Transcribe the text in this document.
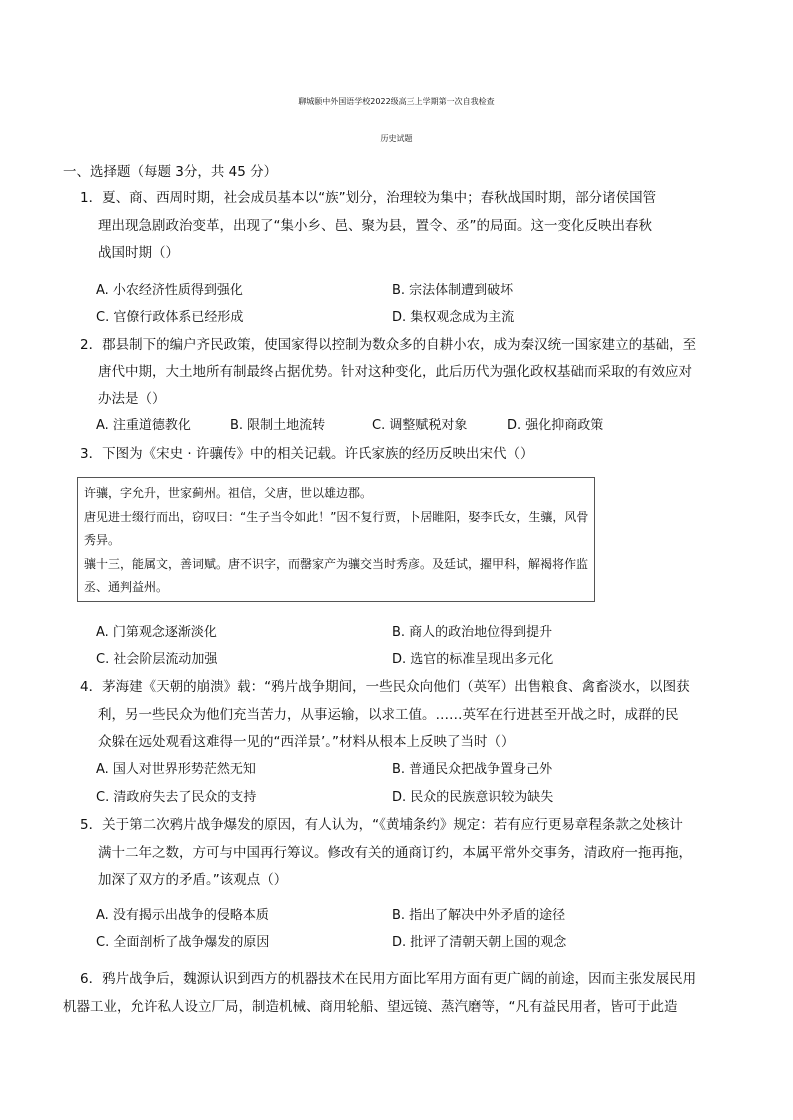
聊城颐中外国语学校2022级高三上学期第一次自我检查
历史试题
一、选择题（每题 3分，共 45 分）
1．夏、商、西周时期，社会成员基本以“族”划分，治理较为集中；春秋战国时期，部分诸侯国管
理出现急剧政治变革，出现了“集小乡、邑、聚为县，置令、丞”的局面。这一变化反映出春秋
战国时期（）
A. 小农经济性质得到强化	B. 宗法体制遭到破坏
C. 官僚行政体系已经形成	D. 集权观念成为主流
2．郡县制下的编户齐民政策，使国家得以控制为数众多的自耕小农，成为秦汉统一国家建立的基础，至
唐代中期，大土地所有制最终占据优势。针对这种变化，此后历代为强化政权基础而采取的有效应对
办法是（）
A. 注重道德教化	B. 限制土地流转	C. 调整赋税对象	D. 强化抑商政策
3．下图为《宋史 · 许骧传》中的相关记载。许氏家族的经历反映出宋代（）
许骧，字允升，世家蓟州。祖信，父唐，世以雄边郡。
唐见进士缀行而出，窃叹曰：“生子当令如此！”因不复行贾，卜居睢阳，娶李氏女，生骧，风骨
秀异。
骧十三，能属文，善词赋。唐不识字，而罄家产为骧交当时秀彦。及廷试，擢甲科，解褐将作监
丞、通判益州。
A. 门第观念逐渐淡化	B. 商人的政治地位得到提升
C. 社会阶层流动加强	D. 选官的标准呈现出多元化
4．茅海建《天朝的崩溃》载：“鸦片战争期间，一些民众向他们（英军）出售粮食、禽畜淡水，以图获
利，另一些民众为他们充当苦力，从事运输，以求工值。……英军在行进甚至开战之时，成群的民
众躲在远处观看这难得一见的“西洋景’。”材料从根本上反映了当时（）
A. 国人对世界形势茫然无知	B. 普通民众把战争置身己外
C. 清政府失去了民众的支持	D. 民众的民族意识较为缺失
5．关于第二次鸦片战争爆发的原因，有人认为，“《黄埔条约》规定：若有应行更易章程条款之处核计
满十二年之数，方可与中国再行筹议。修改有关的通商订约，本属平常外交事务，清政府一拖再拖，
加深了双方的矛盾。”该观点（）
A. 没有揭示出战争的侵略本质	B. 指出了解决中外矛盾的途径
C. 全面剖析了战争爆发的原因	D. 批评了清朝天朝上国的观念
6．鸦片战争后，魏源认识到西方的机器技术在民用方面比军用方面有更广阔的前途，因而主张发展民用
机器工业，允许私人设立厂局，制造机械、商用轮船、望远镜、蒸汽磨等，“凡有益民用者，皆可于此造
